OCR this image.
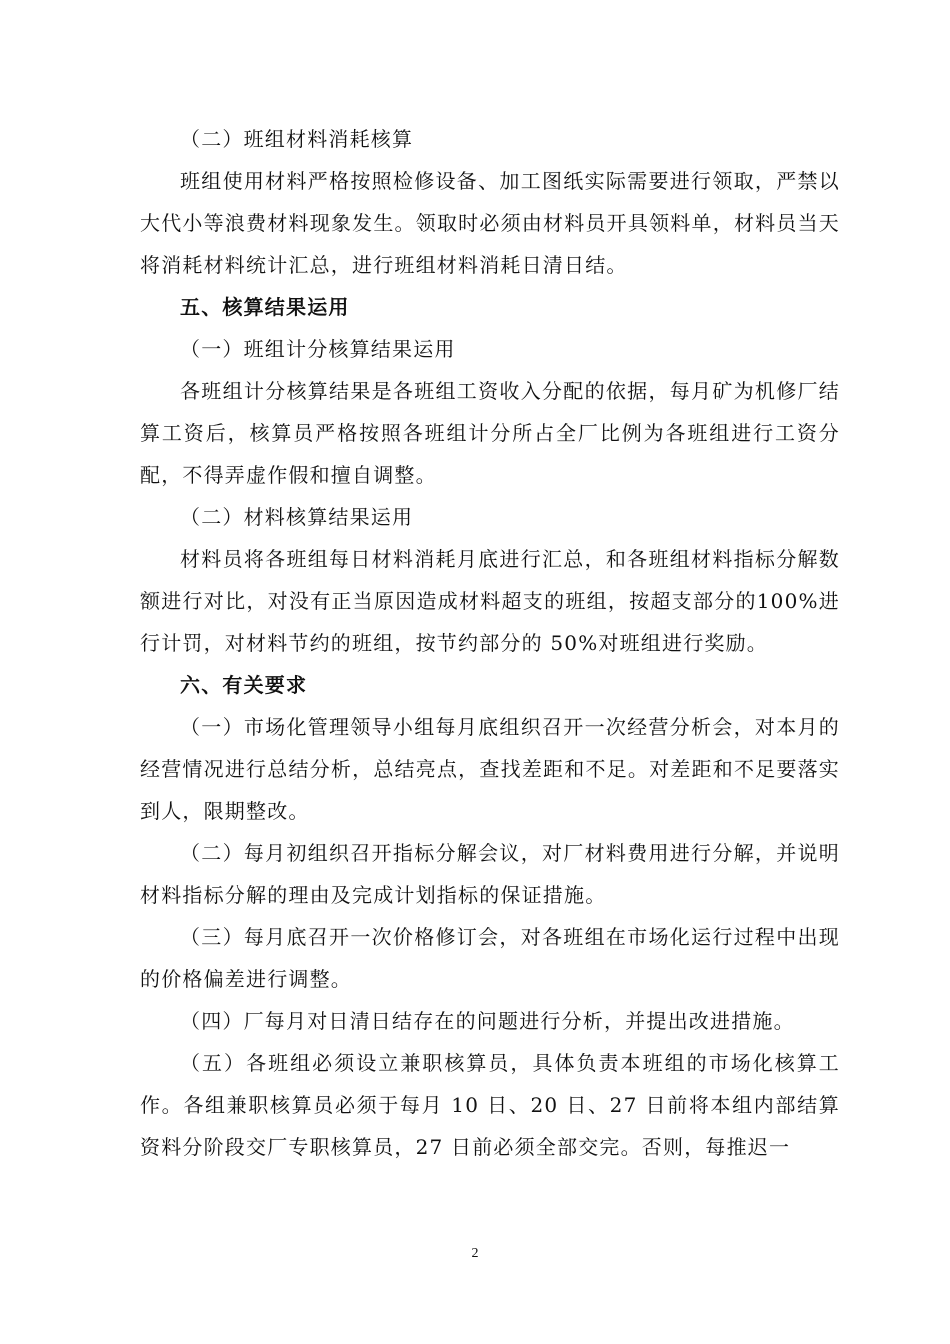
（二）班组材料消耗核算

班组使用材料严格按照检修设备、加工图纸实际需要进行领取，严禁以大代小等浪费材料现象发生。领取时必须由材料员开具领料单，材料员当天将消耗材料统计汇总，进行班组材料消耗日清日结。

五、核算结果运用

（一）班组计分核算结果运用

各班组计分核算结果是各班组工资收入分配的依据，每月矿为机修厂结算工资后，核算员严格按照各班组计分所占全厂比例为各班组进行工资分配，不得弄虚作假和擅自调整。

（二）材料核算结果运用

材料员将各班组每日材料消耗月底进行汇总，和各班组材料指标分解数额进行对比，对没有正当原因造成材料超支的班组，按超支部分的100%进行计罚，对材料节约的班组，按节约部分的 50%对班组进行奖励。

六、有关要求

（一）市场化管理领导小组每月底组织召开一次经营分析会，对本月的经营情况进行总结分析，总结亮点，查找差距和不足。对差距和不足要落实到人，限期整改。

（二）每月初组织召开指标分解会议，对厂材料费用进行分解，并说明材料指标分解的理由及完成计划指标的保证措施。

（三）每月底召开一次价格修订会，对各班组在市场化运行过程中出现的价格偏差进行调整。

（四）厂每月对日清日结存在的问题进行分析，并提出改进措施。

（五）各班组必须设立兼职核算员，具体负责本班组的市场化核算工作。各组兼职核算员必须于每月 10 日、20 日、27 日前将本组内部结算资料分阶段交厂专职核算员，27 日前必须全部交完。否则，每推迟一

2
